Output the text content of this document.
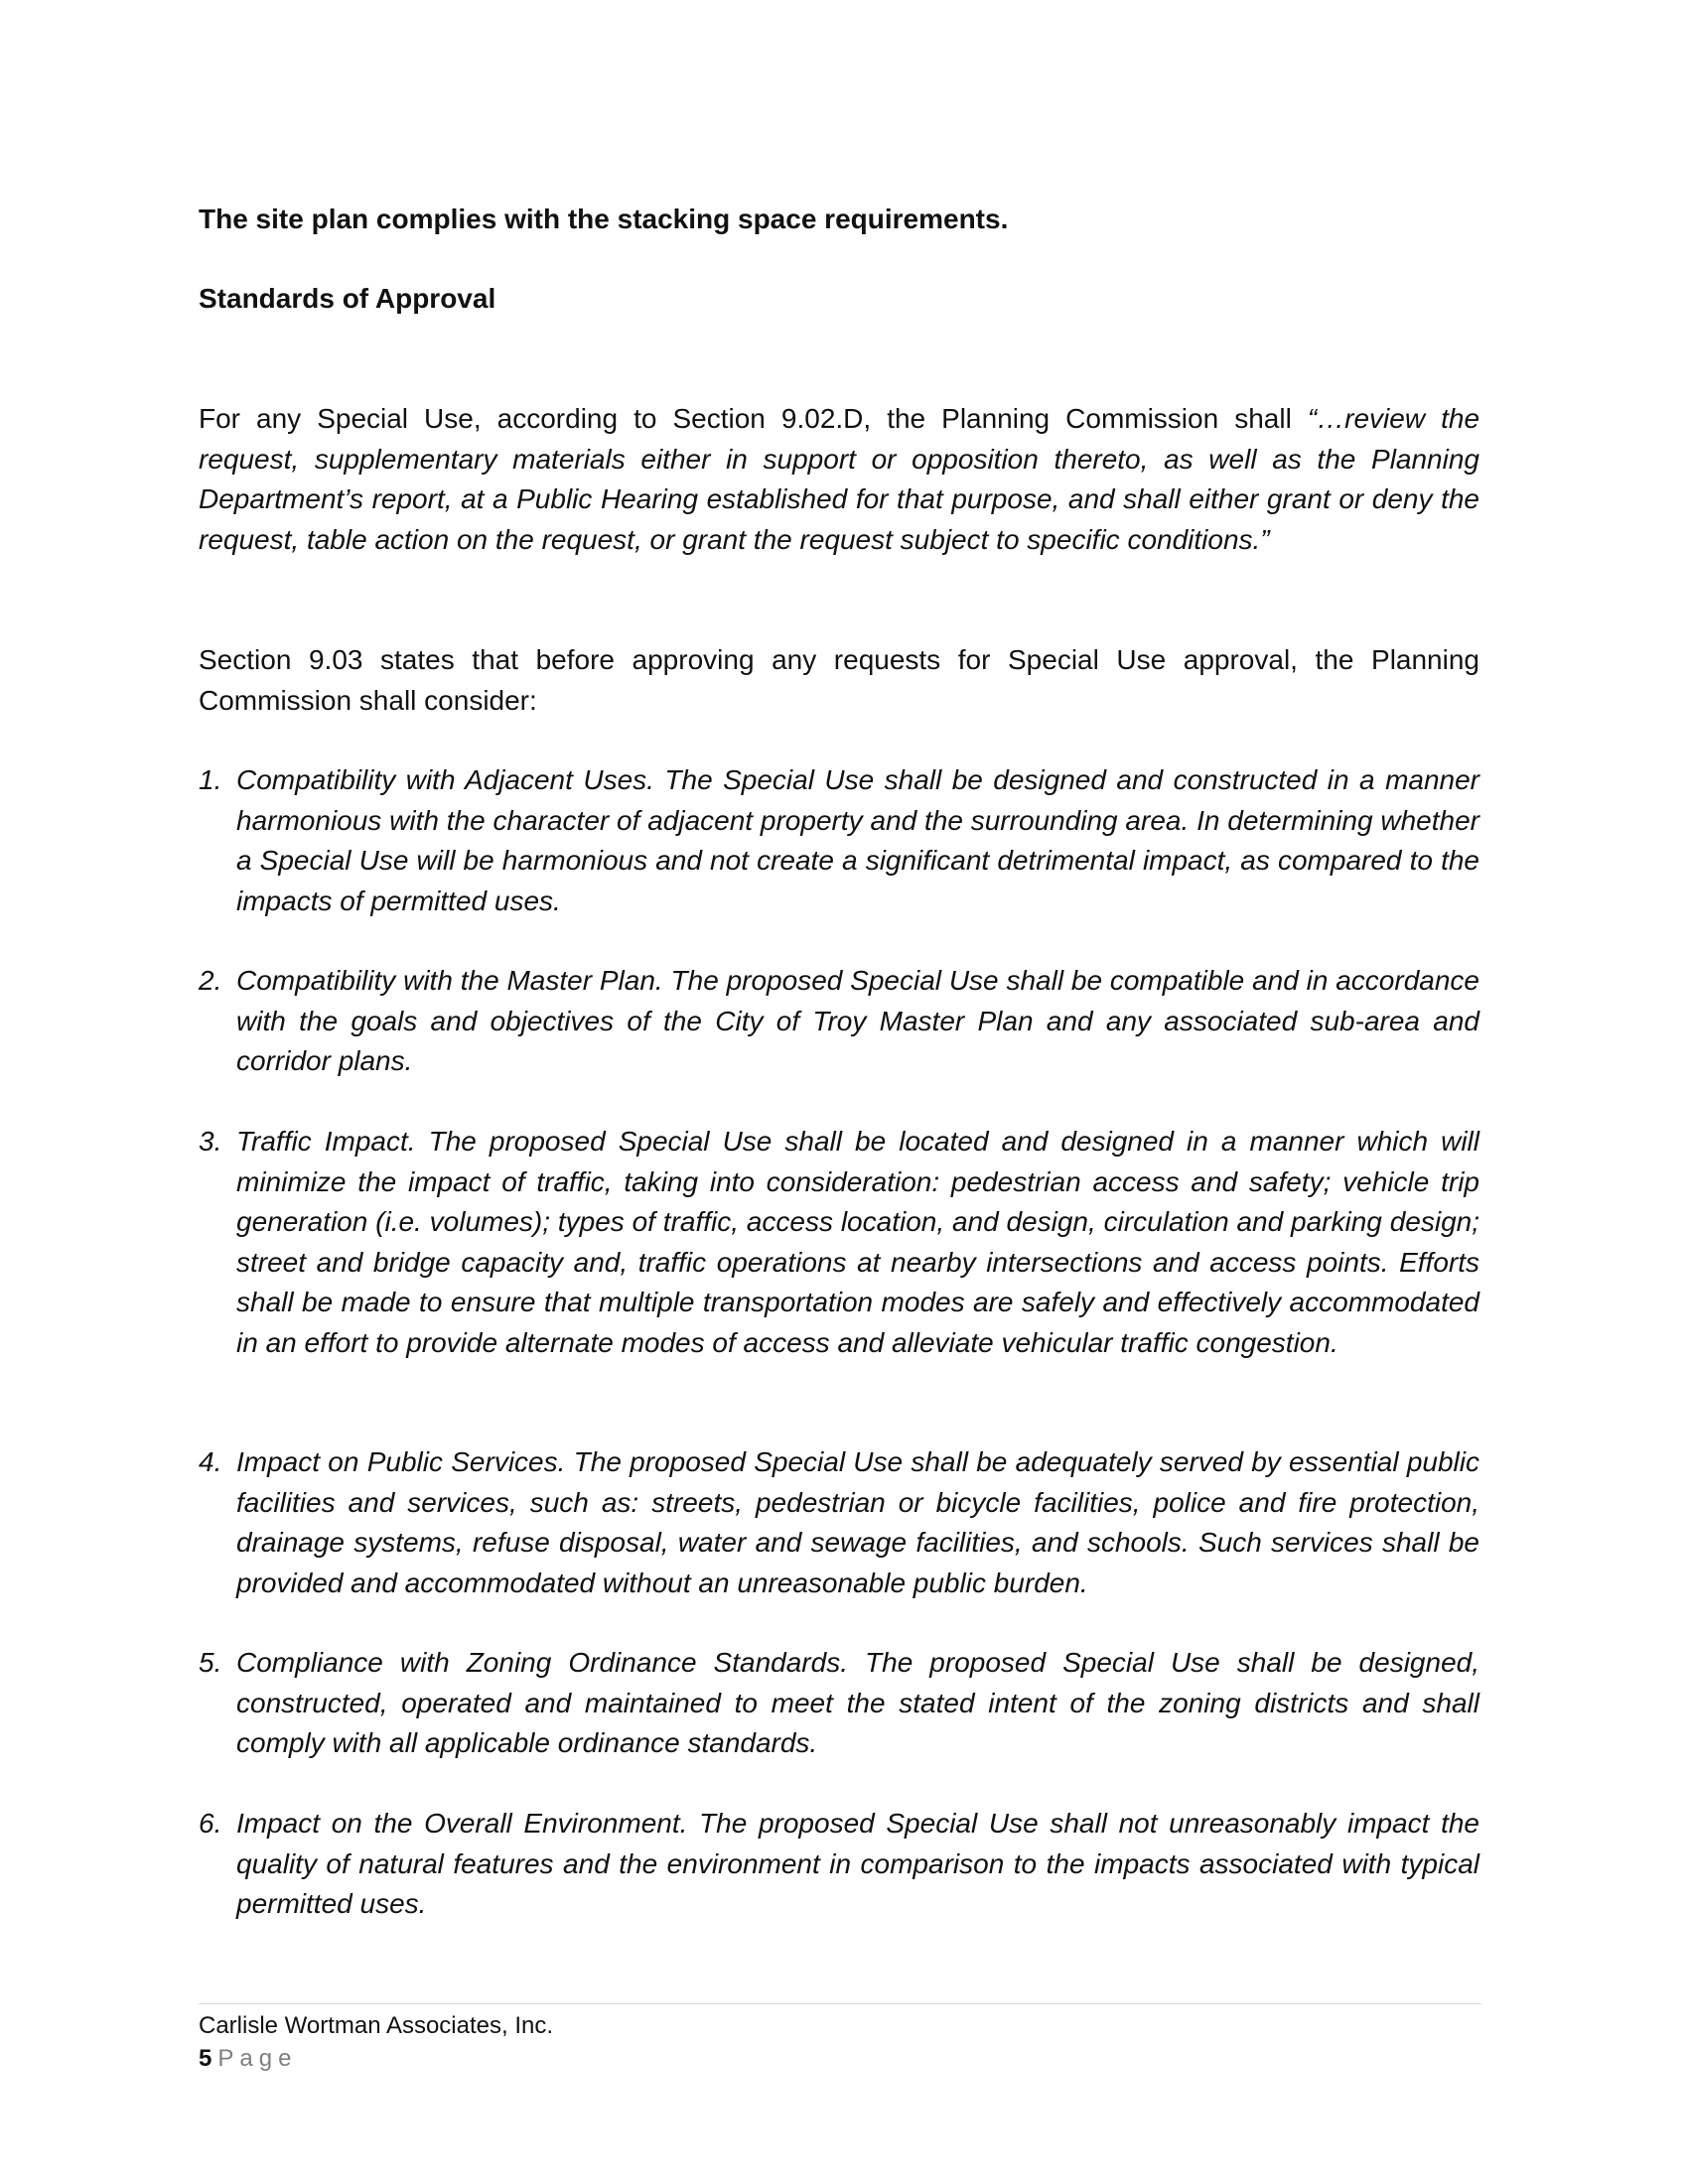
The site plan complies with the stacking space requirements.

Standards of Approval

For any Special Use, according to Section 9.02.D, the Planning Commission shall “…review the request, supplementary materials either in support or opposition thereto, as well as the Planning Department’s report, at a Public Hearing established for that purpose, and shall either grant or deny the request, table action on the request, or grant the request subject to specific conditions.”

Section 9.03 states that before approving any requests for Special Use approval, the Planning Commission shall consider:

1. Compatibility with Adjacent Uses. The Special Use shall be designed and constructed in a manner harmonious with the character of adjacent property and the surrounding area. In determining whether a Special Use will be harmonious and not create a significant detrimental impact, as compared to the impacts of permitted uses.
2. Compatibility with the Master Plan. The proposed Special Use shall be compatible and in accordance with the goals and objectives of the City of Troy Master Plan and any associated sub-area and corridor plans.
3. Traffic Impact. The proposed Special Use shall be located and designed in a manner which will minimize the impact of traffic, taking into consideration: pedestrian access and safety; vehicle trip generation (i.e. volumes); types of traffic, access location, and design, circulation and parking design; street and bridge capacity and, traffic operations at nearby intersections and access points. Efforts shall be made to ensure that multiple transportation modes are safely and effectively accommodated in an effort to provide alternate modes of access and alleviate vehicular traffic congestion.
4. Impact on Public Services. The proposed Special Use shall be adequately served by essential public facilities and services, such as: streets, pedestrian or bicycle facilities, police and fire protection, drainage systems, refuse disposal, water and sewage facilities, and schools. Such services shall be provided and accommodated without an unreasonable public burden.
5. Compliance with Zoning Ordinance Standards. The proposed Special Use shall be designed, constructed, operated and maintained to meet the stated intent of the zoning districts and shall comply with all applicable ordinance standards.
6. Impact on the Overall Environment. The proposed Special Use shall not unreasonably impact the quality of natural features and the environment in comparison to the impacts associated with typical permitted uses.
Carlisle Wortman Associates, Inc.
5 Page
